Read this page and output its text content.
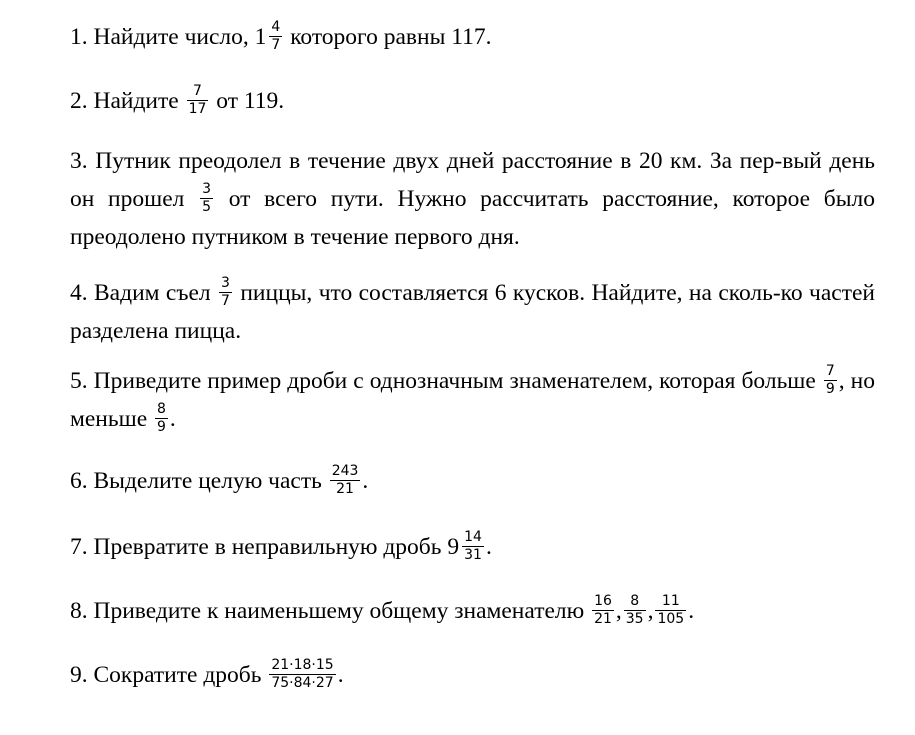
1. Найдите число, $1 \frac{4}{7}$ которого равны 117.
2. Найдите $\frac{7}{17}$ от 119.
3. Путник преодолел в течение двух дней расстояние в 20 км. За пер-вый день он прошел $\frac{3}{5}$ от всего пути. Нужно рассчитать расстояние, которое было преодолено путником в течение первого дня.
4. Вадим съел $\frac{3}{7}$ пиццы, что составляется 6 кусков. Найдите, на сколь-ко частей разделена пицца.
5. Приведите пример дроби с однозначным знаменателем, которая больше $\frac{7}{9}$ , но меньше $\frac{8}{9}$ .
6. Выделите целую часть $\frac{243}{21}$ .
7. Превратите в неправильную дробь $9 \frac{14}{31}$ .
8. Приведите к наименьшему общему знаменателю $\frac{16}{21}$ , $\frac{8}{35}$ , $\frac{11}{105}$ .
9. Сократите дробь $\frac{21\cdot 18\cdot 15}{75\cdot 84\cdot 27}$ .
